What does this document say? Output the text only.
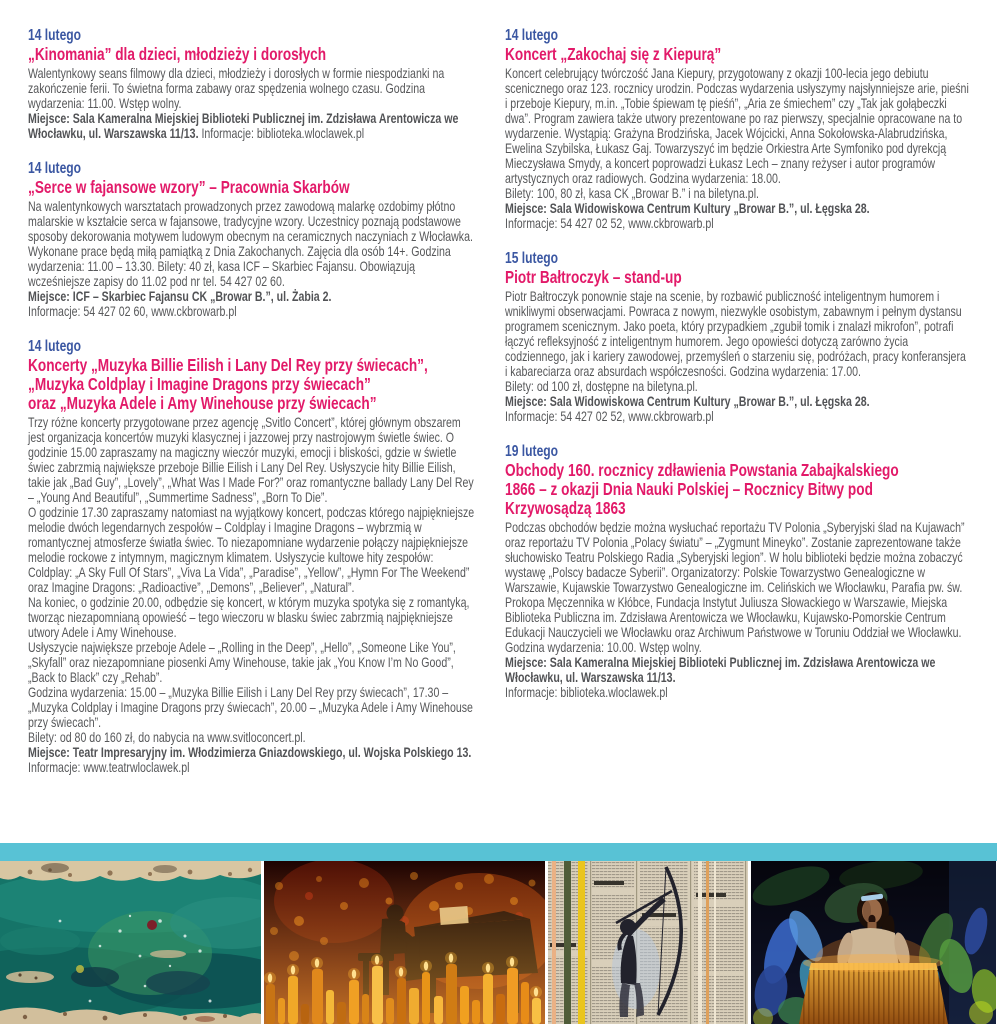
14 lutego
„Kinomania” dla dzieci, młodzieży i dorosłych

Walentynkowy seans filmowy dla dzieci, młodzieży i dorosłych w formie niespodzianki na zakończenie ferii. To świetna forma zabawy oraz spędzenia wolnego czasu. Godzina wydarzenia: 11.00. Wstęp wolny.

Miejsce: Sala Kameralna Miejskiej Biblioteki Publicznej im. Zdzisława Arentowicza we Włocławku, ul. Warszawska 11/13. Informacje: biblioteka.wloclawek.pl

14 lutego
„Serce w fajansowe wzory” – Pracownia Skarbów

Na walentynkowych warsztatach prowadzonych przez zawodową malarkę ozdobimy płótno malarskie w kształcie serca w fajansowe, tradycyjne wzory. Uczestnicy poznają podstawowe sposoby dekorowania motywem ludowym obecnym na ceramicznych naczyniach z Włocławka. Wykonane prace będą miłą pamiątką z Dnia Zakochanych. Zajęcia dla osób 14+. Godzina wydarzenia: 11.00 – 13.30. Bilety: 40 zł, kasa ICF – Skarbiec Fajansu. Obowiązują wcześniejsze zapisy do 11.02 pod nr tel. 54 427 02 60.

Miejsce: ICF – Skarbiec Fajansu CK „Browar B.”, ul. Żabia 2.

Informacje: 54 427 02 60, www.ckbrowarb.pl

14 lutego
Koncerty „Muzyka Billie Eilish i Lany Del Rey przy świecach”,
„Muzyka Coldplay i Imagine Dragons przy świecach”
oraz „Muzyka Adele i Amy Winehouse przy świecach”

Trzy różne koncerty przygotowane przez agencję „Svitlo Concert”, której głównym obszarem jest organizacja koncertów muzyki klasycznej i jazzowej przy nastrojowym świetle świec. O godzinie 15.00 zapraszamy na magiczny wieczór muzyki, emocji i bliskości, gdzie w świetle świec zabrzmią największe przeboje Billie Eilish i Lany Del Rey. Usłyszycie hity Billie Eilish, takie jak „Bad Guy”, „Lovely”, „What Was I Made For?” oraz romantyczne ballady Lany Del Rey – „Young And Beautiful”, „Summertime Sadness”, „Born To Die”.

O godzinie 17.30 zapraszamy natomiast na wyjątkowy koncert, podczas którego najpiękniejsze melodie dwóch legendarnych zespołów – Coldplay i Imagine Dragons – wybrzmią w romantycznej atmosferze światła świec. To niezapomniane wydarzenie połączy najpiękniejsze melodie rockowe z intymnym, magicznym klimatem. Usłyszycie kultowe hity zespołów: Coldplay: „A Sky Full Of Stars”, „Viva La Vida”, „Paradise”, „Yellow”, „Hymn For The Weekend” oraz Imagine Dragons: „Radioactive”, „Demons”, „Believer”, „Natural”.

Na koniec, o godzinie 20.00, odbędzie się koncert, w którym muzyka spotyka się z romantyką, tworząc niezapomnianą opowieść – tego wieczoru w blasku świec zabrzmią najpiękniejsze utwory Adele i Amy Winehouse.

Usłyszycie największe przeboje Adele – „Rolling in the Deep”, „Hello”, „Someone Like You”, „Skyfall” oraz niezapomniane piosenki Amy Winehouse, takie jak „You Know I’m No Good”, „Back to Black” czy „Rehab”.

Godzina wydarzenia: 15.00 – „Muzyka Billie Eilish i Lany Del Rey przy świecach”, 17.30 – „Muzyka Coldplay i Imagine Dragons przy świecach”, 20.00 – „Muzyka Adele i Amy Winehouse przy świecach”.

Bilety: od 80 do 160 zł, do nabycia na www.svitloconcert.pl.

Miejsce: Teatr Impresaryjny im. Włodzimierza Gniazdowskiego, ul. Wojska Polskiego 13.

Informacje: www.teatrwloclawek.pl

14 lutego
Koncert „Zakochaj się z Kiepurą”

Koncert celebrujący twórczość Jana Kiepury, przygotowany z okazji 100-lecia jego debiutu scenicznego oraz 123. rocznicy urodzin. Podczas wydarzenia usłyszymy najsłynniejsze arie, pieśni i przeboje Kiepury, m.in. „Tobie śpiewam tę pieśń”, „Aria ze śmiechem” czy „Tak jak gołąbeczki dwa”. Program zawiera także utwory prezentowane po raz pierwszy, specjalnie opracowane na to wydarzenie. Wystąpią: Grażyna Brodzińska, Jacek Wójcicki, Anna Sokołowska-Alabrudzińska, Ewelina Szybilska, Łukasz Gaj. Towarzyszyć im będzie Orkiestra Arte Symfoniko pod dyrekcją Mieczysława Smydy, a koncert poprowadzi Łukasz Lech – znany reżyser i autor programów artystycznych oraz radiowych. Godzina wydarzenia: 18.00.

Bilety: 100, 80 zł, kasa CK „Browar B.” i na biletyna.pl.

Miejsce: Sala Widowiskowa Centrum Kultury „Browar B.”, ul. Łęgska 28.

Informacje: 54 427 02 52, www.ckbrowarb.pl

15 lutego
Piotr Bałtroczyk – stand-up

Piotr Bałtroczyk ponownie staje na scenie, by rozbawić publiczność inteligentnym humorem i wnikliwymi obserwacjami. Powraca z nowym, niezwykle osobistym, zabawnym i pełnym dystansu programem scenicznym. Jako poeta, który przypadkiem „zgubił tomik i znalazł mikrofon”, potrafi łączyć refleksyjność z inteligentnym humorem. Jego opowieści dotyczą zarówno życia codziennego, jak i kariery zawodowej, przemyśleń o starzeniu się, podróżach, pracy konferansjera i kabareciarza oraz absurdach współczesności. Godzina wydarzenia: 17.00.

Bilety: od 100 zł, dostępne na biletyna.pl.

Miejsce: Sala Widowiskowa Centrum Kultury „Browar B.”, ul. Łęgska 28.

Informacje: 54 427 02 52, www.ckbrowarb.pl

19 lutego
Obchody 160. rocznicy zdławienia Powstania Zabajkalskiego
1866 – z okazji Dnia Nauki Polskiej – Rocznicy Bitwy pod
Krzywosądzą 1863

Podczas obchodów będzie można wysłuchać reportażu TV Polonia „Syberyjski ślad na Kujawach” oraz reportażu TV Polonia „Polacy światu” – „Zygmunt Mineyko”. Zostanie zaprezentowane także słuchowisko Teatru Polskiego Radia „Syberyjski legion”. W holu biblioteki będzie można zobaczyć wystawę „Polscy badacze Syberii”. Organizatorzy: Polskie Towarzystwo Genealogiczne w Warszawie, Kujawskie Towarzystwo Genealogiczne im. Celińskich we Włocławku, Parafia pw. św. Prokopa Męczennika w Kłóbce, Fundacja Instytut Juliusza Słowackiego w Warszawie, Miejska Biblioteka Publiczna im. Zdzisława Arentowicza we Włocławku, Kujawsko-Pomorskie Centrum Edukacji Nauczycieli we Włocławku oraz Archiwum Państwowe w Toruniu Oddział we Włocławku. Godzina wydarzenia: 10.00. Wstęp wolny.

Miejsce: Sala Kameralna Miejskiej Biblioteki Publicznej im. Zdzisława Arentowicza we Włocławku, ul. Warszawska 11/13.

Informacje: biblioteka.wloclawek.pl
